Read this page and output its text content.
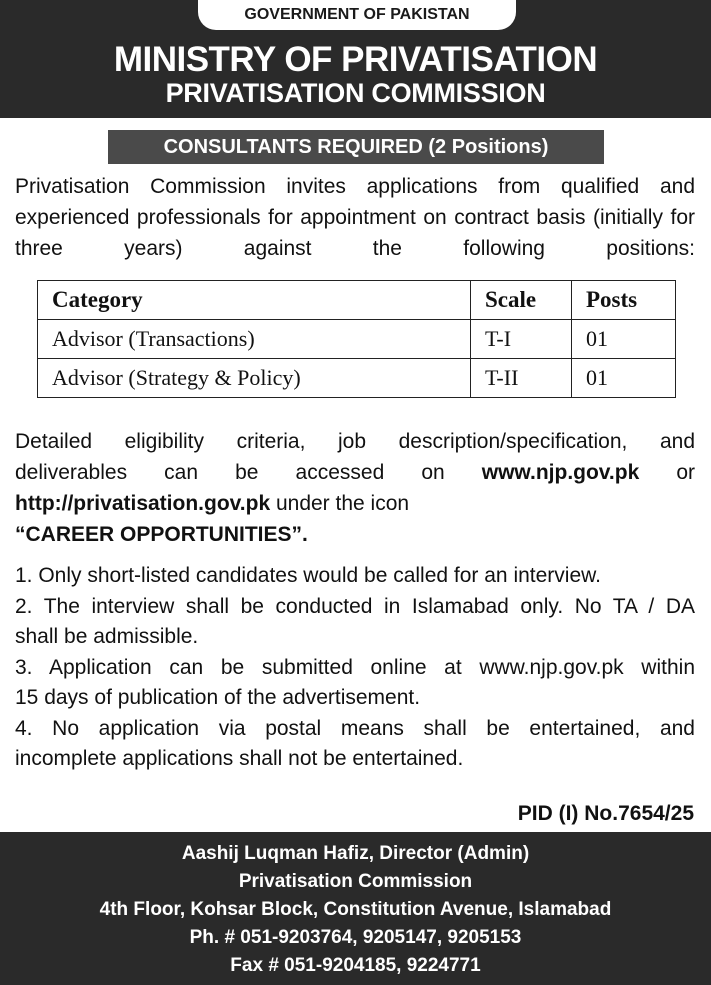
GOVERNMENT OF PAKISTAN
MINISTRY OF PRIVATISATION
PRIVATISATION COMMISSION
CONSULTANTS REQUIRED (2 Positions)

Privatisation Commission invites applications from qualified and experienced professionals for appointment on contract basis (initially for three years) against the following positions:

Category	Scale	Posts
Advisor (Transactions)	T-I	01
Advisor (Strategy & Policy)	T-II	01
Detailed eligibility criteria, job description/specification, and
deliverables can be accessed on www.njp.gov.pk or
http://privatisation.gov.pk under the icon
“CAREER OPPORTUNITIES”.
1. Only short-listed candidates would be called for an interview.
2. The interview shall be conducted in Islamabad only. No TA / DA
shall be admissible.
3. Application can be submitted online at www.njp.gov.pk within
15 days of publication of the advertisement.
4. No application via postal means shall be entertained, and
incomplete applications shall not be entertained.
PID (I) No.7654/25
Aashij Luqman Hafiz, Director (Admin)
Privatisation Commission
4th Floor, Kohsar Block, Constitution Avenue, Islamabad
Ph. # 051-9203764, 9205147, 9205153
Fax # 051-9204185, 9224771
